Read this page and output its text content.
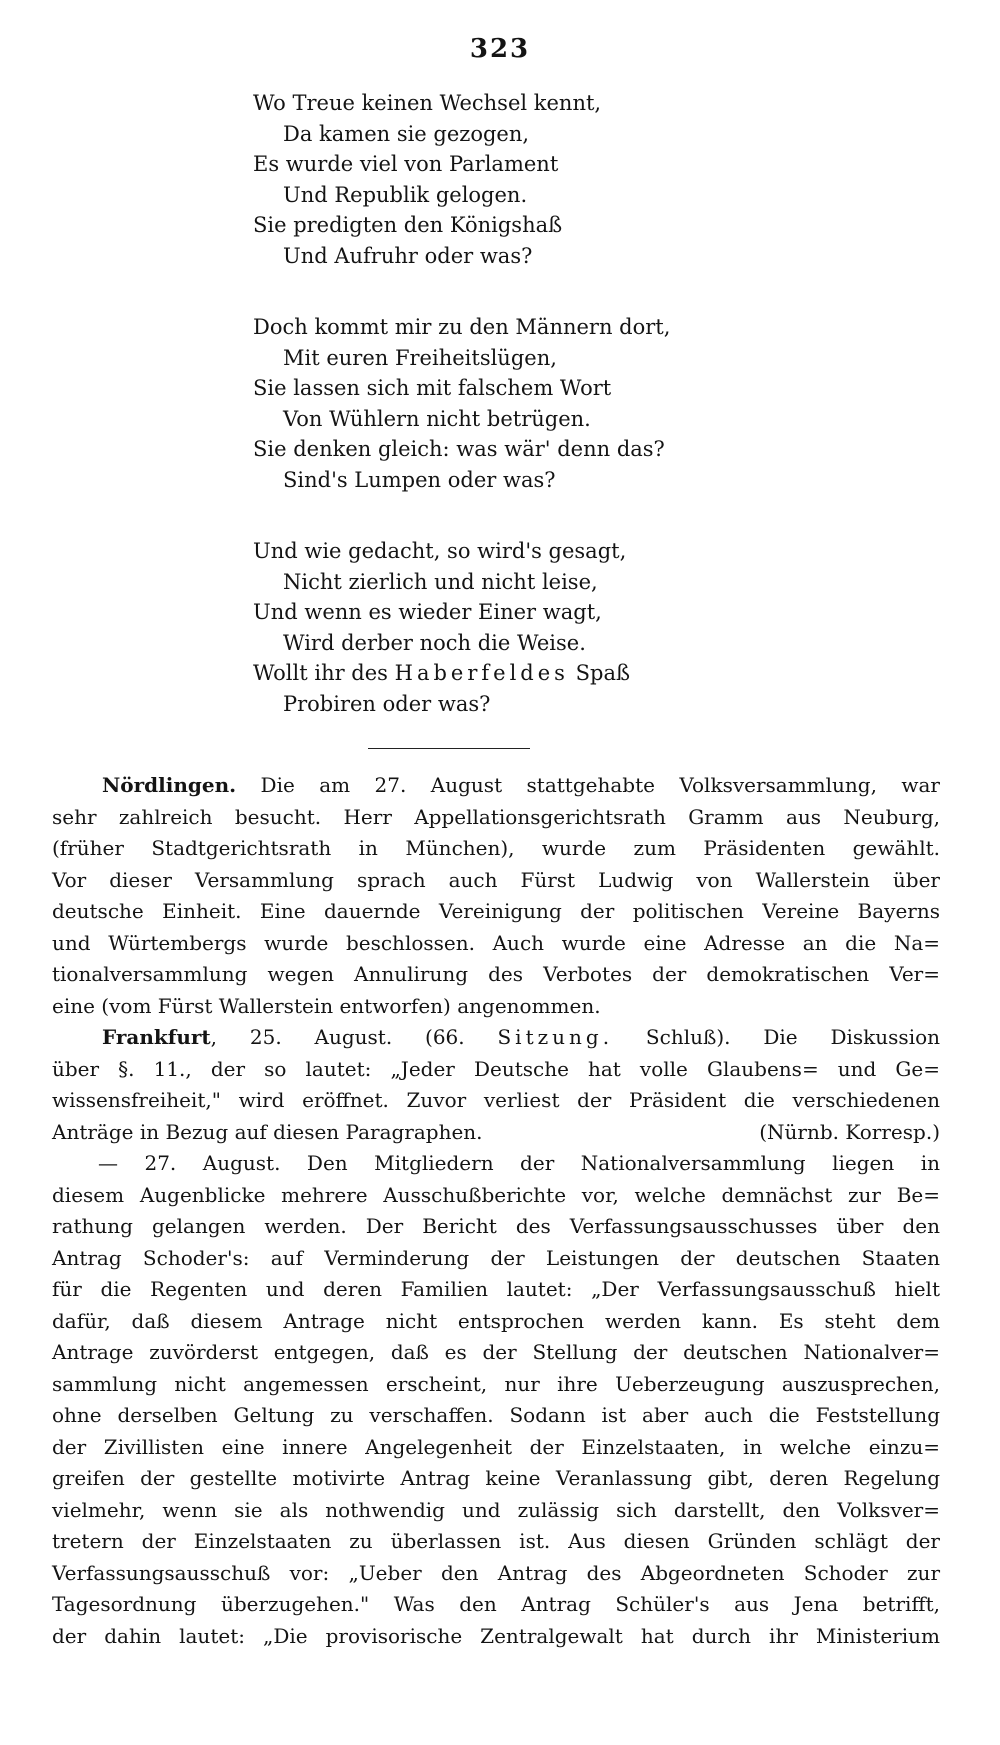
323
Wo Treue keinen Wechsel kennt,
Da kamen sie gezogen,
Es wurde viel von Parlament
Und Republik gelogen.
Sie predigten den Königshaß
Und Aufruhr oder was?
Doch kommt mir zu den Männern dort,
Mit euren Freiheitslügen,
Sie lassen sich mit falschem Wort
Von Wühlern nicht betrügen.
Sie denken gleich: was wär' denn das?
Sind's Lumpen oder was?
Und wie gedacht, so wird's gesagt,
Nicht zierlich und nicht leise,
Und wenn es wieder Einer wagt,
Wird derber noch die Weise.
Wollt ihr des Haberfeldes Spaß
Probiren oder was?
Nördlingen. Die am 27. August stattgehabte Volksversammlung, war
sehr zahlreich besucht. Herr Appellationsgerichtsrath Gramm aus Neuburg,
(früher Stadtgerichtsrath in München), wurde zum Präsidenten gewählt.
Vor dieser Versammlung sprach auch Fürst Ludwig von Wallerstein über
deutsche Einheit. Eine dauernde Vereinigung der politischen Vereine Bayerns
und Würtembergs wurde beschlossen. Auch wurde eine Adresse an die Na=
tionalversammlung wegen Annulirung des Verbotes der demokratischen Ver=
eine (vom Fürst Wallerstein entworfen) angenommen.
Frankfurt, 25. August. (66. Sitzung. Schluß). Die Diskussion
über §. 11., der so lautet: „Jeder Deutsche hat volle Glaubens= und Ge=
wissensfreiheit," wird eröffnet. Zuvor verliest der Präsident die verschiedenen
Anträge in Bezug auf diesen Paragraphen.	(Nürnb. Korresp.)
— 27. August. Den Mitgliedern der Nationalversammlung liegen in
diesem Augenblicke mehrere Ausschußberichte vor, welche demnächst zur Be=
rathung gelangen werden. Der Bericht des Verfassungsausschusses über den
Antrag Schoder's: auf Verminderung der Leistungen der deutschen Staaten
für die Regenten und deren Familien lautet: „Der Verfassungsausschuß hielt
dafür, daß diesem Antrage nicht entsprochen werden kann. Es steht dem
Antrage zuvörderst entgegen, daß es der Stellung der deutschen Nationalver=
sammlung nicht angemessen erscheint, nur ihre Ueberzeugung auszusprechen,
ohne derselben Geltung zu verschaffen. Sodann ist aber auch die Feststellung
der Zivillisten eine innere Angelegenheit der Einzelstaaten, in welche einzu=
greifen der gestellte motivirte Antrag keine Veranlassung gibt, deren Regelung
vielmehr, wenn sie als nothwendig und zulässig sich darstellt, den Volksver=
tretern der Einzelstaaten zu überlassen ist. Aus diesen Gründen schlägt der
Verfassungsausschuß vor: „Ueber den Antrag des Abgeordneten Schoder zur
Tagesordnung überzugehen." Was den Antrag Schüler's aus Jena betrifft,
der dahin lautet: „Die provisorische Zentralgewalt hat durch ihr Ministerium
